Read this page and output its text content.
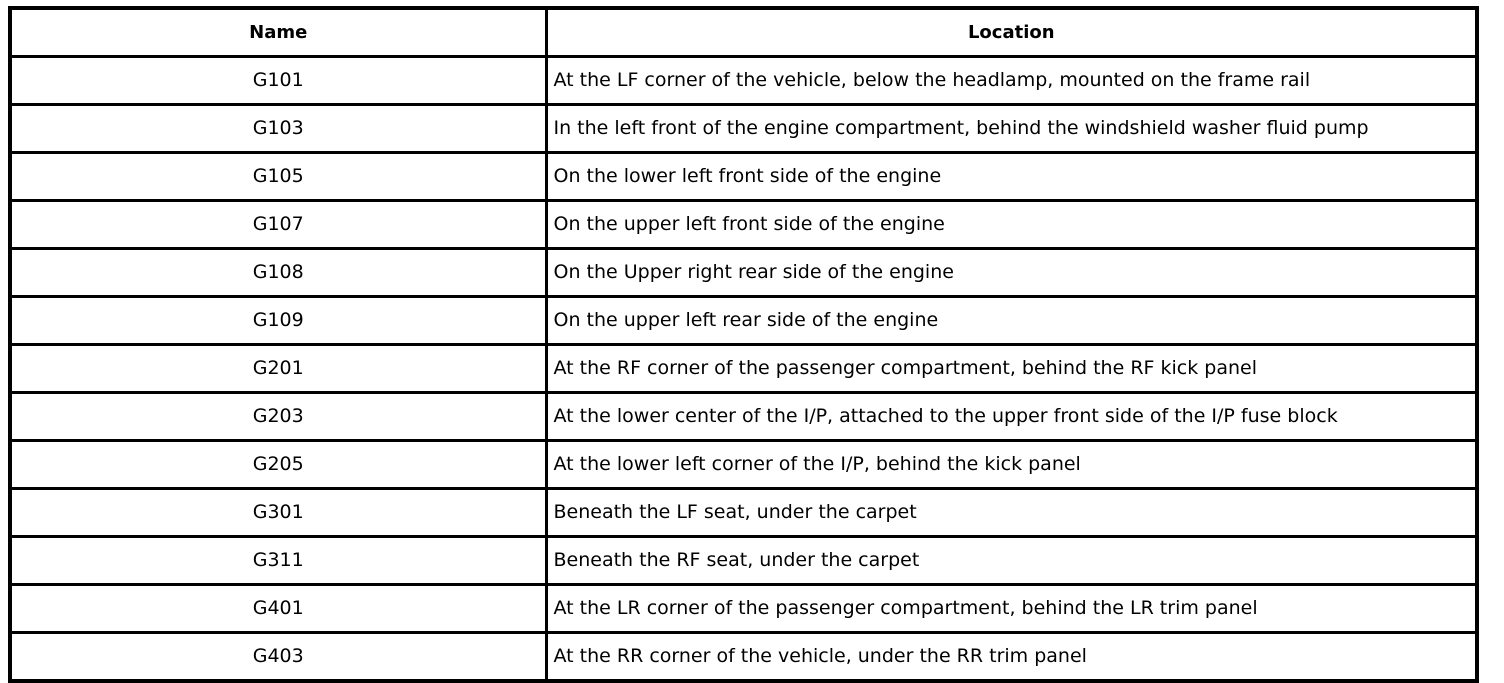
Name	Location
G101	At the LF corner of the vehicle, below the headlamp, mounted on the frame rail
G103	In the left front of the engine compartment, behind the windshield washer fluid pump
G105	On the lower left front side of the engine
G107	On the upper left front side of the engine
G108	On the Upper right rear side of the engine
G109	On the upper left rear side of the engine
G201	At the RF corner of the passenger compartment, behind the RF kick panel
G203	At the lower center of the I/P, attached to the upper front side of the I/P fuse block
G205	At the lower left corner of the I/P, behind the kick panel
G301	Beneath the LF seat, under the carpet
G311	Beneath the RF seat, under the carpet
G401	At the LR corner of the passenger compartment, behind the LR trim panel
G403	At the RR corner of the vehicle, under the RR trim panel
